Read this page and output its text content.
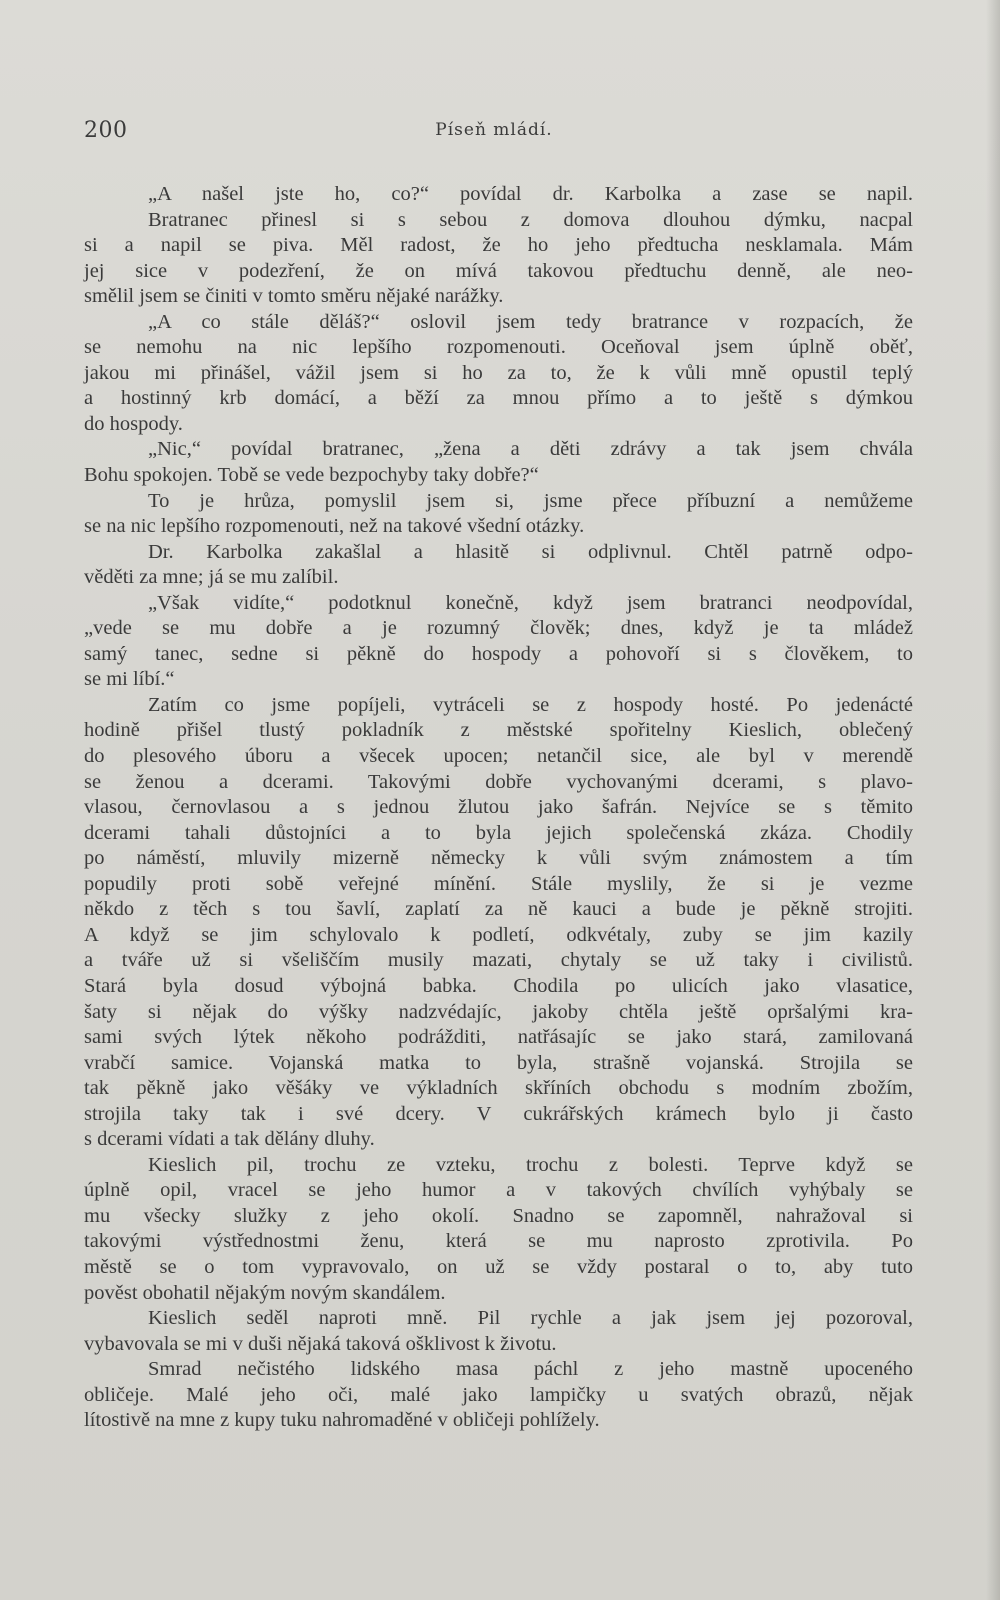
200	Píseň mládí.
„A našel jste ho, co?“ povídal dr. Karbolka a zase se napil.
Bratranec přinesl si s sebou z domova dlouhou dýmku, nacpal
si a napil se piva. Měl radost, že ho jeho předtucha nesklamala. Mám
jej sice v podezření, že on mívá takovou předtuchu denně, ale neo-
smělil jsem se činiti v tomto směru nějaké narážky.
„A co stále děláš?“ oslovil jsem tedy bratrance v rozpacích, že
se nemohu na nic lepšího rozpomenouti. Oceňoval jsem úplně oběť,
jakou mi přinášel, vážil jsem si ho za to, že k vůli mně opustil teplý
a hostinný krb domácí, a běží za mnou přímo a to ještě s dýmkou
do hospody.
„Nic,“ povídal bratranec, „žena a děti zdrávy a tak jsem chvála
Bohu spokojen. Tobě se vede bezpochyby taky dobře?“
To je hrůza, pomyslil jsem si, jsme přece příbuzní a nemůžeme
se na nic lepšího rozpomenouti, než na takové všední otázky.
Dr. Karbolka zakašlal a hlasitě si odplivnul. Chtěl patrně odpo-
věděti za mne; já se mu zalíbil.
„Však vidíte,“ podotknul konečně, když jsem bratranci neodpovídal,
„vede se mu dobře a je rozumný člověk; dnes, když je ta mládež
samý tanec, sedne si pěkně do hospody a pohovoří si s člověkem, to
se mi líbí.“
Zatím co jsme popíjeli, vytráceli se z hospody hosté. Po jedenácté
hodině přišel tlustý pokladník z městské spořitelny Kieslich, oblečený
do plesového úboru a všecek upocen; netančil sice, ale byl v merendě
se ženou a dcerami. Takovými dobře vychovanými dcerami, s plavo-
vlasou, černovlasou a s jednou žlutou jako šafrán. Nejvíce se s těmito
dcerami tahali důstojníci a to byla jejich společenská zkáza. Chodily
po náměstí, mluvily mizerně německy k vůli svým známostem a tím
popudily proti sobě veřejné mínění. Stále myslily, že si je vezme
někdo z těch s tou šavlí, zaplatí za ně kauci a bude je pěkně strojiti.
A když se jim schylovalo k podletí, odkvétaly, zuby se jim kazily
a tváře už si všeliščím musily mazati, chytaly se už taky i civilistů.
Stará byla dosud výbojná babka. Chodila po ulicích jako vlasatice,
šaty si nějak do výšky nadzvédajíc, jakoby chtěla ještě opršalými kra-
sami svých lýtek někoho podrážditi, natřásajíc se jako stará, zamilovaná
vrabčí samice. Vojanská matka to byla, strašně vojanská. Strojila se
tak pěkně jako věšáky ve výkladních skříních obchodu s modním zbožím,
strojila taky tak i své dcery. V cukrářských krámech bylo ji často
s dcerami vídati a tak dělány dluhy.
Kieslich pil, trochu ze vzteku, trochu z bolesti. Teprve když se
úplně opil, vracel se jeho humor a v takových chvílích vyhýbaly se
mu všecky služky z jeho okolí. Snadno se zapomněl, nahražoval si
takovými výstřednostmi ženu, která se mu naprosto zprotivila. Po
městě se o tom vypravovalo, on už se vždy postaral o to, aby tuto
pověst obohatil nějakým novým skandálem.
Kieslich seděl naproti mně. Pil rychle a jak jsem jej pozoroval,
vybavovala se mi v duši nějaká taková ošklivost k životu.
Smrad nečistého lidského masa páchl z jeho mastně upoceného
obličeje. Malé jeho oči, malé jako lampičky u svatých obrazů, nějak
lítostivě na mne z kupy tuku nahromaděné v obličeji pohlížely.
